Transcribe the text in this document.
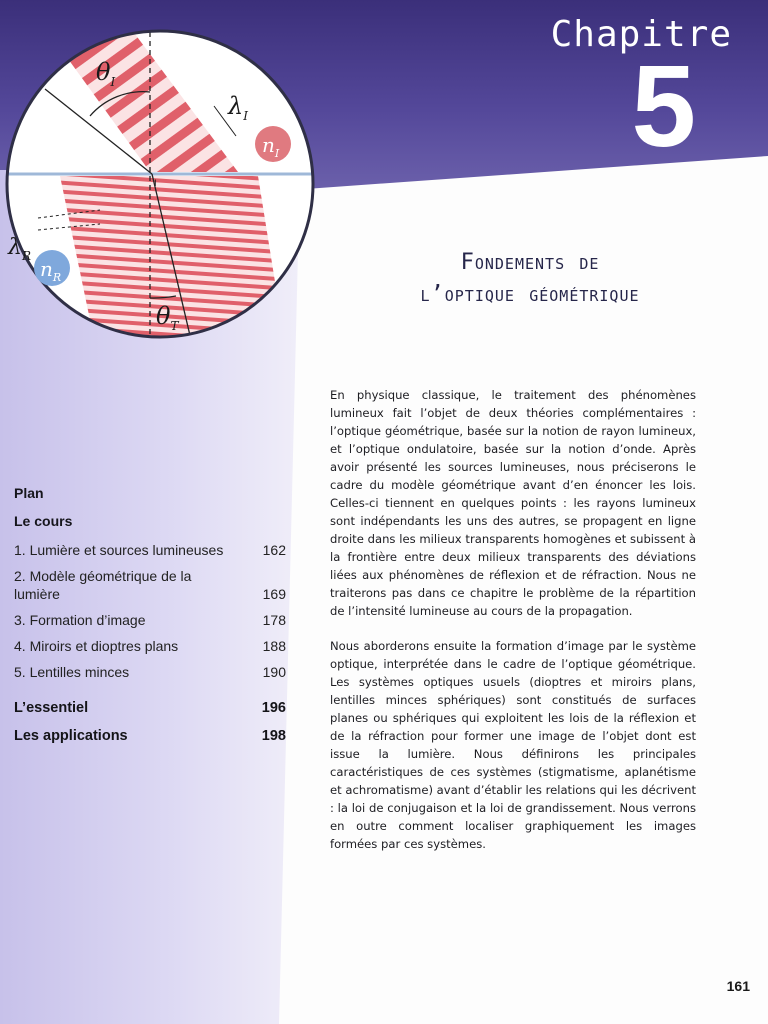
Chapitre
5
$\theta_I$
$\lambda_I$
$n_I$
$\lambda_R$
$n_R$
$\theta_T$
I
Fondements de
l’optique géométrique

En physique classique, le traitement des phénomènes lumineux fait l’objet de deux théories complémentaires : l’optique géométrique, basée sur la notion de rayon lumineux, et l’optique ondulatoire, basée sur la notion d’onde. Après avoir présenté les sources lumineuses, nous préciserons le cadre du modèle géométrique avant d’en énoncer les lois. Celles-ci tiennent en quelques points : les rayons lumineux sont indépendants les uns des autres, se propagent en ligne droite dans les milieux transparents homogènes et subissent à la frontière entre deux milieux transparents des déviations liées aux phénomènes de réflexion et de réfraction. Nous ne traiterons pas dans ce chapitre le problème de la répartition de l’intensité lumineuse au cours de la propagation.

Nous aborderons ensuite la formation d’image par le système optique, interprétée dans le cadre de l’optique géométrique. Les systèmes optiques usuels (dioptres et miroirs plans, lentilles minces sphériques) sont constitués de surfaces planes ou sphériques qui exploitent les lois de la réflexion et de la réfraction pour former une image de l’objet dont est issue la lumière. Nous définirons les principales caractéristiques de ces systèmes (stigmatisme, aplanétisme et achromatisme) avant d’établir les relations qui les décrivent : la loi de conjugaison et la loi de grandissement. Nous verrons en outre comment localiser graphiquement les images formées par ces systèmes.

Plan
Le cours
1. Lumière et sources lumineuses	162
2. Modèle géométrique de la lumière	169
3. Formation d’image	178
4. Miroirs et dioptres plans	188
5. Lentilles minces	190
L’essentiel	196
Les applications	198
161
